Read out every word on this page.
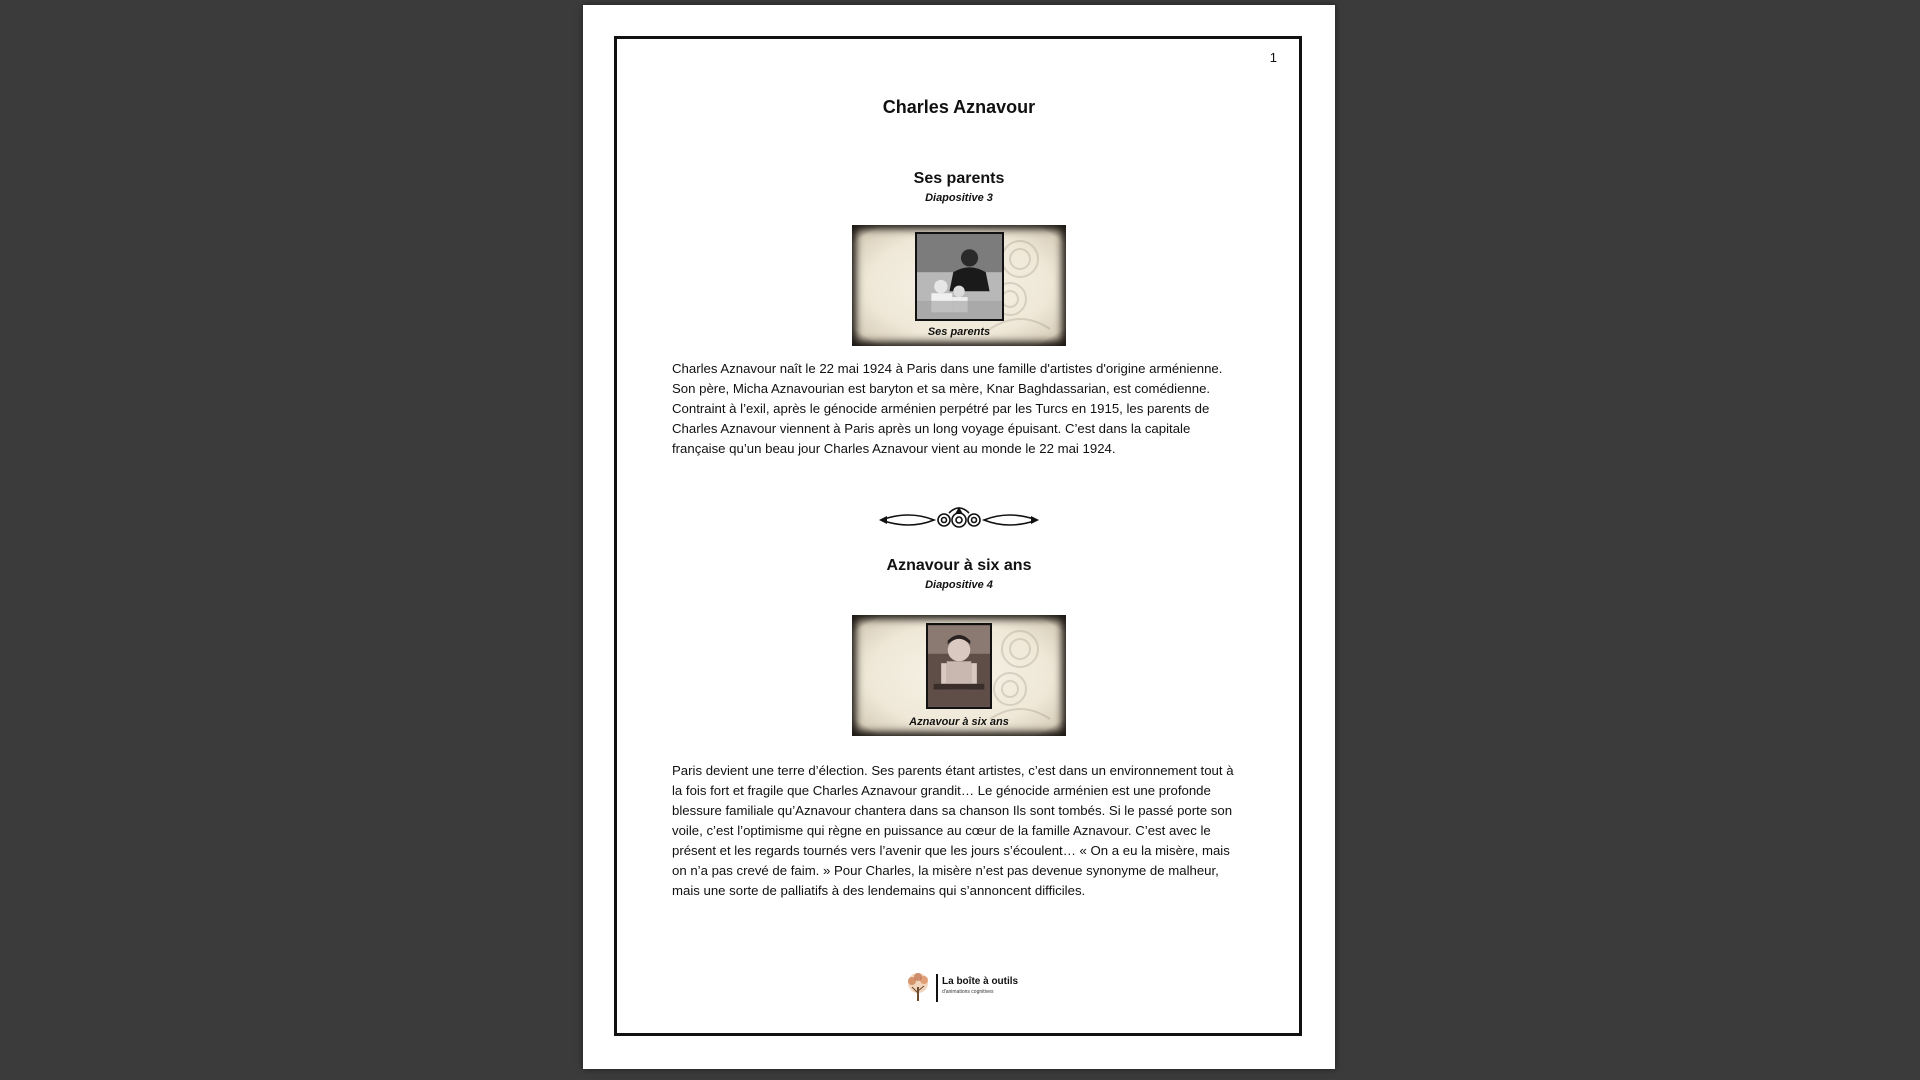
1
Charles Aznavour
Ses parents
Diapositive 3
Ses parents

Charles Aznavour naît le 22 mai 1924 à Paris dans une famille d'artistes d'origine arménienne. Son père, Micha Aznavourian est baryton et sa mère, Knar Baghdassarian, est comédienne.

Contraint à l’exil, après le génocide arménien perpétré par les Turcs en 1915, les parents de Charles Aznavour viennent à Paris après un long voyage épuisant. C’est dans la capitale française qu’un beau jour Charles Aznavour vient au monde le 22 mai 1924.

Aznavour à six ans
Diapositive 4
Aznavour à six ans

Paris devient une terre d’élection. Ses parents étant artistes, c’est dans un environnement tout à la fois fort et fragile que Charles Aznavour grandit… Le génocide arménien est une profonde blessure familiale qu’Aznavour chantera dans sa chanson Ils sont tombés. Si le passé porte son voile, c’est l’optimisme qui règne en puissance au cœur de la famille Aznavour. C’est avec le présent et les regards tournés vers l’avenir que les jours s’écoulent… « On a eu la misère, mais on n’a pas crevé de faim. » Pour Charles, la misère n’est pas devenue synonyme de malheur, mais une sorte de palliatifs à des lendemains qui s’annoncent difficiles.

La boîte à outils
d'animations cognitives
